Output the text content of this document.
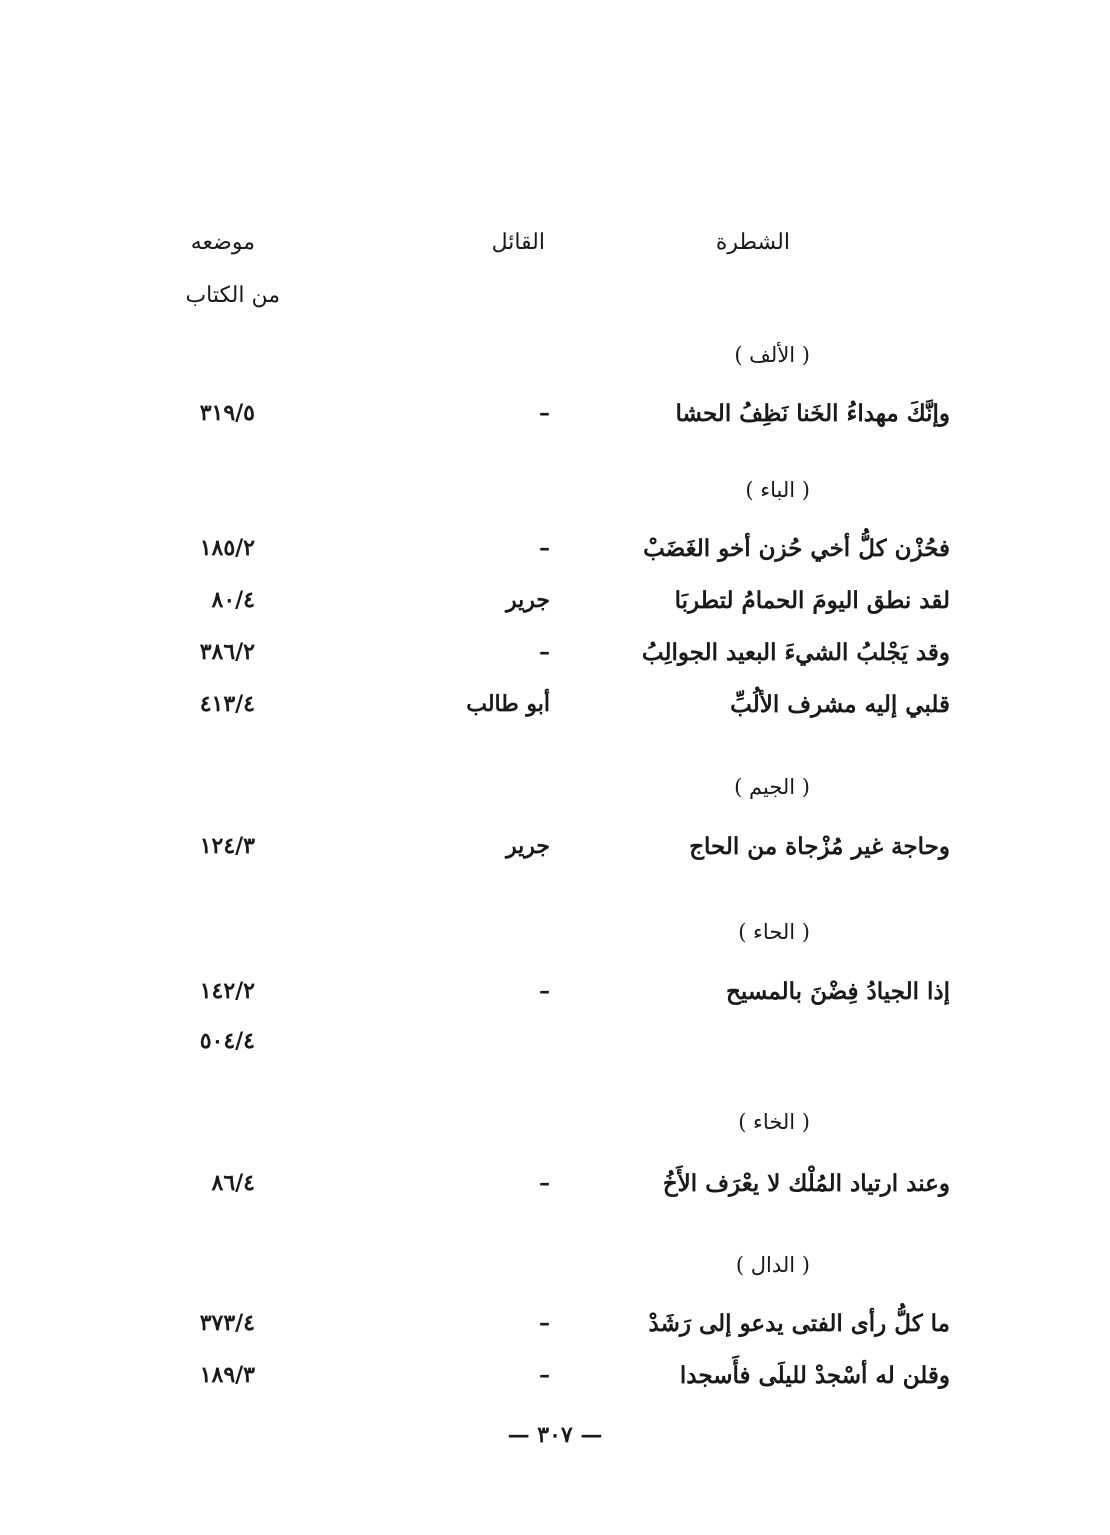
الشطرة
القائل
موضعه
من الكتاب
( الألف )
وإنَّكَ مهداءُ الخَنا نَظِفُ الحشا
–
٣١٩/٥
( الباء )
فحُزْن كلُّ أخي حُزن أخو الغَضَبْ
–
١٨٥/٢
لقد نطق اليومَ الحمامُ لتطربَا
جرير
٨٠/٤
وقد يَجْلبُ الشيءَ البعيد الجوالِبُ
–
٣٨٦/٢
قلبي إليه مشرف الألُبِّ
أبو طالب
٤١٣/٤
( الجيم )
وحاجة غير مُزْجاة من الحاج
جرير
١٢٤/٣
( الحاء )
إذا الجيادُ فِضْنَ بالمسيح
–
١٤٢/٢
٥٠٤/٤
( الخاء )
وعند ارتياد المُلْك لا يعْرَف الأَخُ
–
٨٦/٤
( الدال )
ما كلُّ رأى الفتى يدعو إلى رَشَدْ
–
٣٧٣/٤
وقلن له أسْجدْ لليلَى فأَسجدا
–
١٨٩/٣
— ٣٠٧ —
